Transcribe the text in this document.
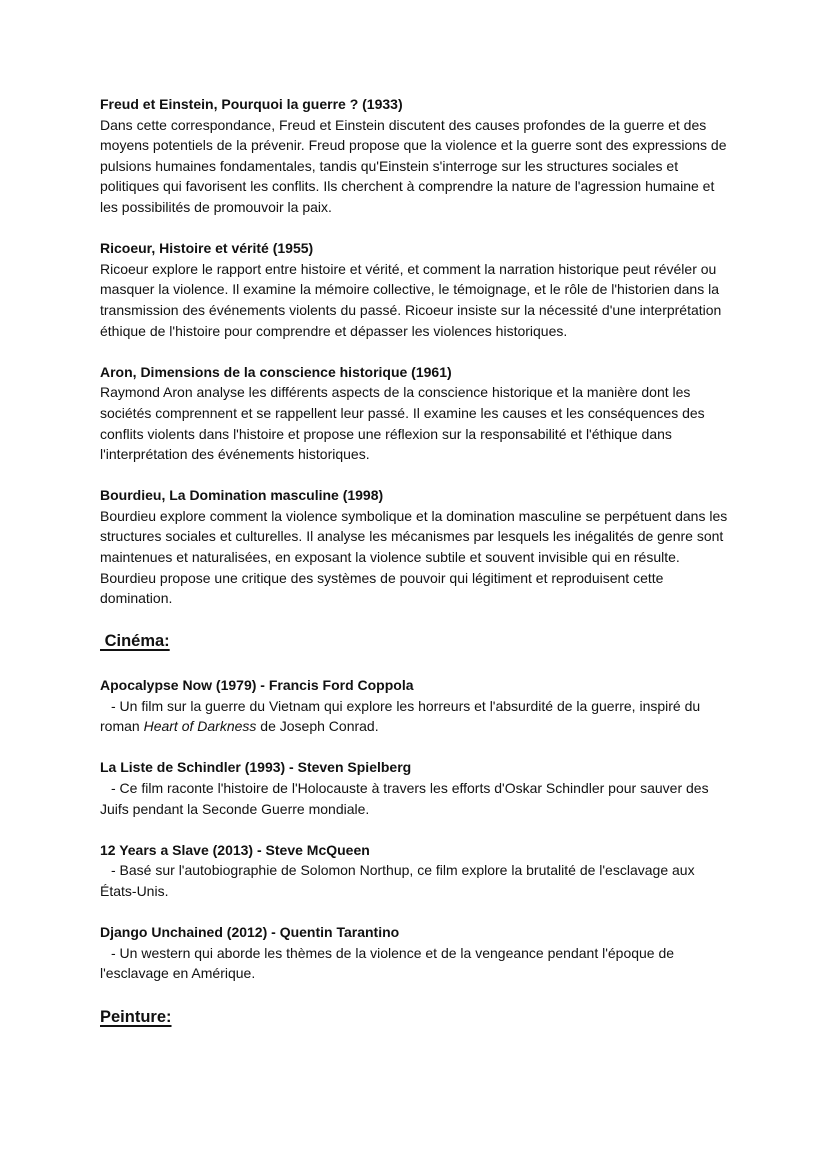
Freud et Einstein, Pourquoi la guerre ? (1933)

Dans cette correspondance, Freud et Einstein discutent des causes profondes de la guerre et des moyens potentiels de la prévenir. Freud propose que la violence et la guerre sont des expressions de pulsions humaines fondamentales, tandis qu'Einstein s'interroge sur les structures sociales et politiques qui favorisent les conflits. Ils cherchent à comprendre la nature de l'agression humaine et les possibilités de promouvoir la paix.

Ricoeur, Histoire et vérité (1955)

Ricoeur explore le rapport entre histoire et vérité, et comment la narration historique peut révéler ou masquer la violence. Il examine la mémoire collective, le témoignage, et le rôle de l'historien dans la transmission des événements violents du passé. Ricoeur insiste sur la nécessité d'une interprétation éthique de l'histoire pour comprendre et dépasser les violences historiques.

Aron, Dimensions de la conscience historique (1961)

Raymond Aron analyse les différents aspects de la conscience historique et la manière dont les sociétés comprennent et se rappellent leur passé. Il examine les causes et les conséquences des conflits violents dans l'histoire et propose une réflexion sur la responsabilité et l'éthique dans l'interprétation des événements historiques.

Bourdieu, La Domination masculine (1998)

Bourdieu explore comment la violence symbolique et la domination masculine se perpétuent dans les structures sociales et culturelles. Il analyse les mécanismes par lesquels les inégalités de genre sont maintenues et naturalisées, en exposant la violence subtile et souvent invisible qui en résulte. Bourdieu propose une critique des systèmes de pouvoir qui légitiment et reproduisent cette domination.

Cinéma:

Apocalypse Now (1979) - Francis Ford Coppola

- Un film sur la guerre du Vietnam qui explore les horreurs et l'absurdité de la guerre, inspiré du roman Heart of Darkness de Joseph Conrad.

La Liste de Schindler (1993) - Steven Spielberg

- Ce film raconte l'histoire de l'Holocauste à travers les efforts d'Oskar Schindler pour sauver des Juifs pendant la Seconde Guerre mondiale.

12 Years a Slave (2013) - Steve McQueen

- Basé sur l'autobiographie de Solomon Northup, ce film explore la brutalité de l'esclavage aux États-Unis.

Django Unchained (2012) - Quentin Tarantino

- Un western qui aborde les thèmes de la violence et de la vengeance pendant l'époque de l'esclavage en Amérique.

Peinture:
